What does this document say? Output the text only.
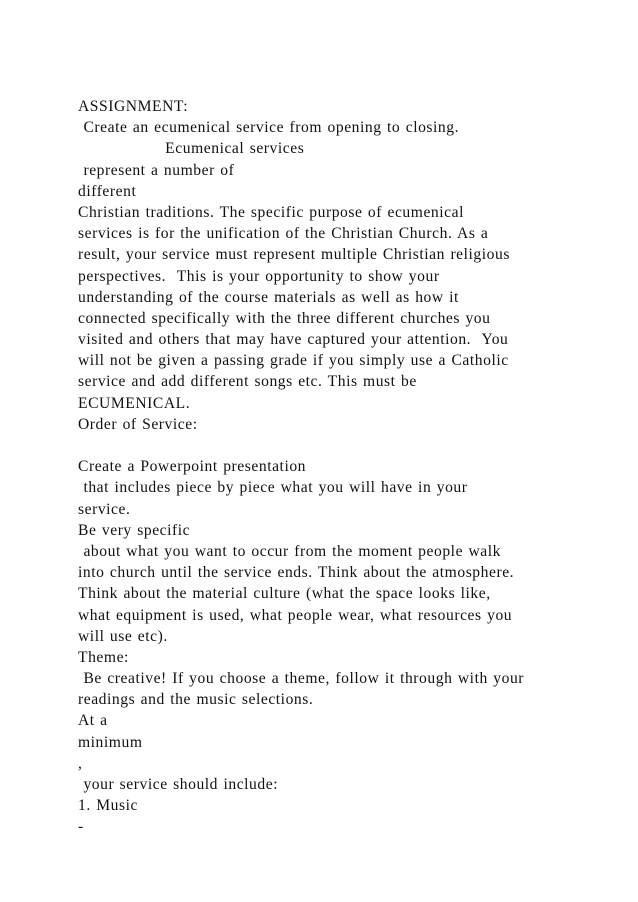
ASSIGNMENT:
Create an ecumenical service from opening to closing.
Ecumenical services
represent a number of
different
Christian traditions. The specific purpose of ecumenical
services is for the unification of the Christian Church. As a
result, your service must represent multiple Christian religious
perspectives.  This is your opportunity to show your
understanding of the course materials as well as how it
connected specifically with the three different churches you
visited and others that may have captured your attention.  You
will not be given a passing grade if you simply use a Catholic
service and add different songs etc. This must be
ECUMENICAL.
Order of Service:
Create a Powerpoint presentation
that includes piece by piece what you will have in your
service.
Be very specific
about what you want to occur from the moment people walk
into church until the service ends. Think about the atmosphere.
Think about the material culture (what the space looks like,
what equipment is used, what people wear, what resources you
will use etc).
Theme:
Be creative! If you choose a theme, follow it through with your
readings and the music selections.
At a
minimum
,
your service should include:
1. Music
-
